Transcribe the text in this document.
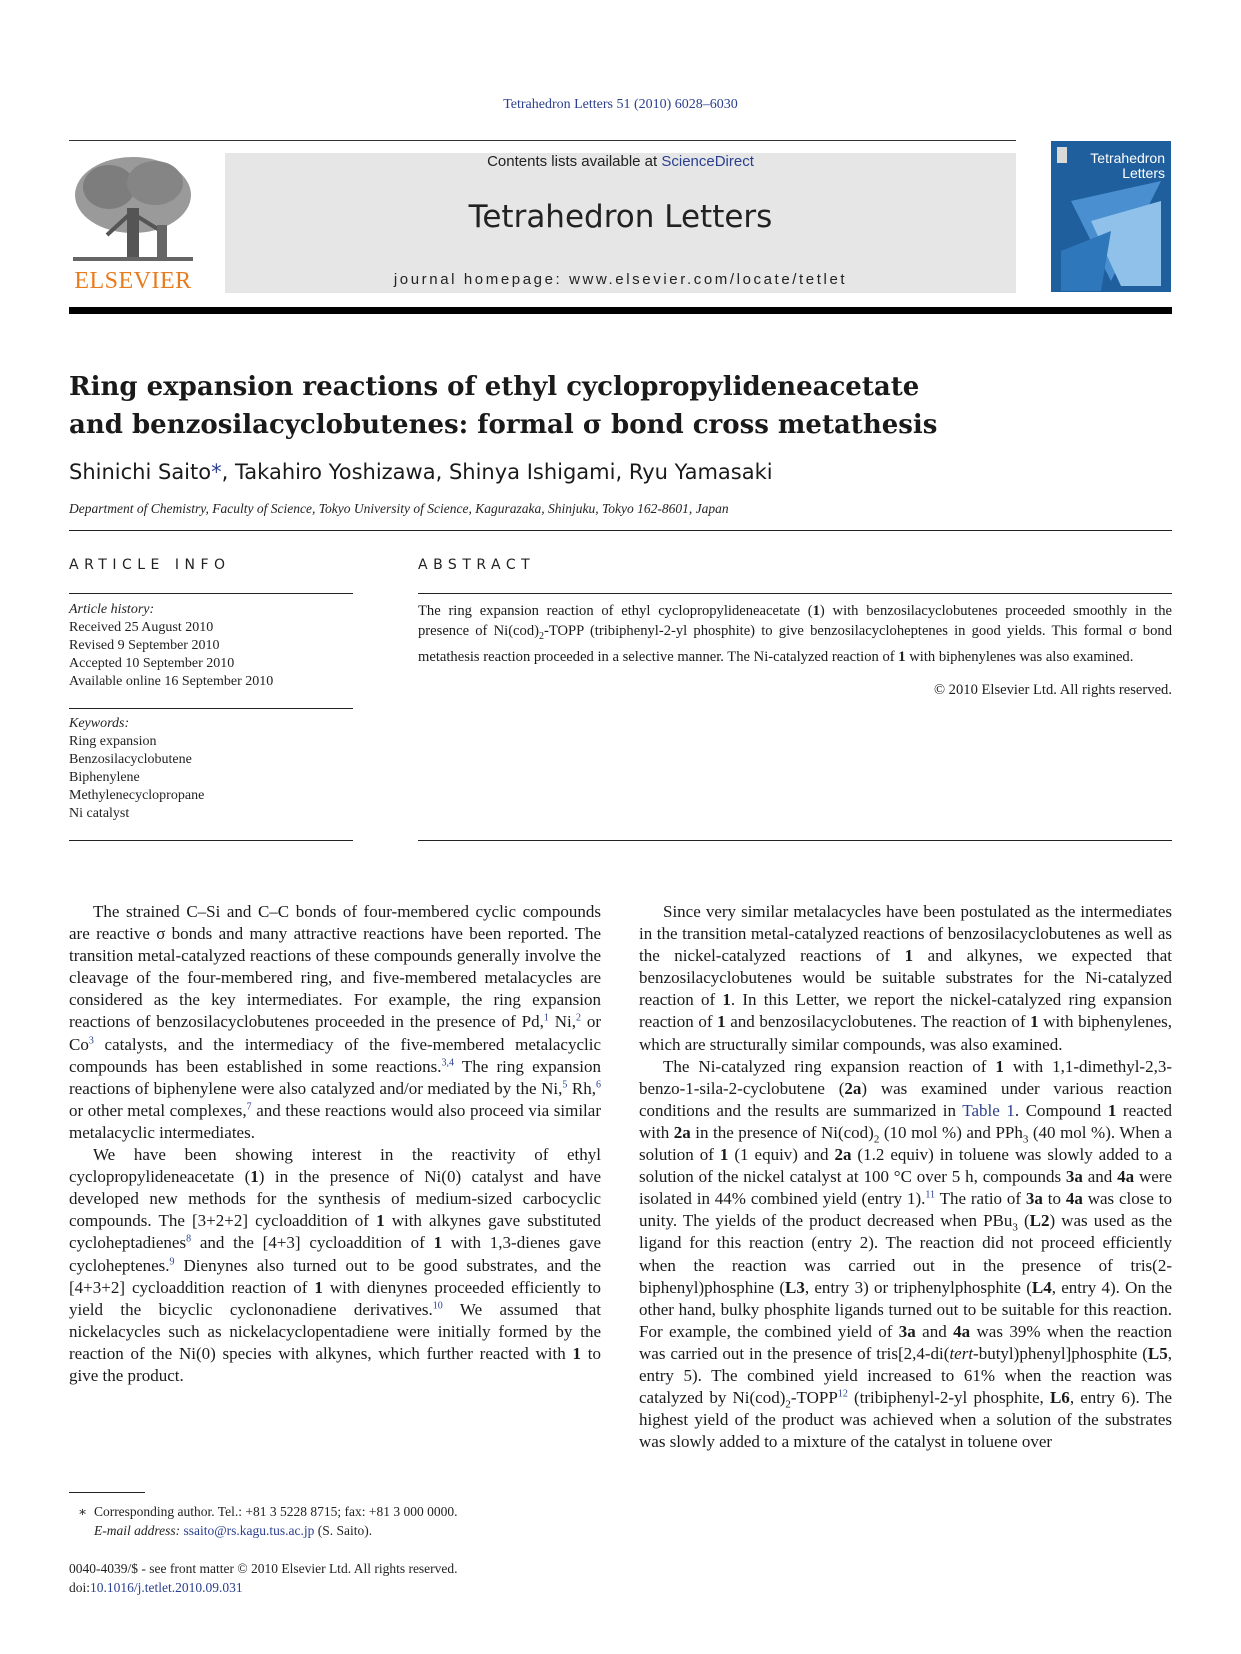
Tetrahedron Letters 51 (2010) 6028–6030
ELSEVIER
Contents lists available at ScienceDirect
Tetrahedron Letters
journal homepage: www.elsevier.com/locate/tetlet
Tetrahedron Letters
Ring expansion reactions of ethyl cyclopropylideneacetate
and benzosilacyclobutenes: formal σ bond cross metathesis
Shinichi Saito*, Takahiro Yoshizawa, Shinya Ishigami, Ryu Yamasaki
Department of Chemistry, Faculty of Science, Tokyo University of Science, Kagurazaka, Shinjuku, Tokyo 162-8601, Japan
ARTICLE INFO
Article history:
Received 25 August 2010
Revised 9 September 2010
Accepted 10 September 2010
Available online 16 September 2010
Keywords:
Ring expansion
Benzosilacyclobutene
Biphenylene
Methylenecyclopropane
Ni catalyst
ABSTRACT
The ring expansion reaction of ethyl cyclopropylideneacetate (1) with benzosilacyclobutenes proceeded smoothly in the presence of $Ni(cod)_2$-TOPP (tribiphenyl-2-yl phosphite) to give benzosilacycloheptenes in good yields. This formal σ bond metathesis reaction proceeded in a selective manner. The Ni-catalyzed reaction of 1 with biphenylenes was also examined.
© 2010 Elsevier Ltd. All rights reserved.

The strained C–Si and C–C bonds of four-membered cyclic compounds are reactive σ bonds and many attractive reactions have been reported. The transition metal-catalyzed reactions of these compounds generally involve the cleavage of the four-membered ring, and five-membered metalacycles are considered as the key intermediates. For example, the ring expansion reactions of benzosilacyclobutenes proceeded in the presence of Pd,$^1$ Ni,$^2$ or Co$^3$ catalysts, and the intermediacy of the five-membered metalacyclic compounds has been established in some reactions.$^{3,4}$ The ring expansion reactions of biphenylene were also catalyzed and/or mediated by the Ni,$^5$ Rh,$^6$ or other metal complexes,$^7$ and these reactions would also proceed via similar metalacyclic intermediates.

We have been showing interest in the reactivity of ethyl cyclopropylideneacetate (1) in the presence of Ni(0) catalyst and have developed new methods for the synthesis of medium-sized carbocyclic compounds. The [3+2+2] cycloaddition of 1 with alkynes gave substituted cycloheptadienes$^8$ and the [4+3] cycloaddition of 1 with 1,3-dienes gave cycloheptenes.$^9$ Dienynes also turned out to be good substrates, and the [4+3+2] cycloaddition reaction of 1 with dienynes proceeded efficiently to yield the bicyclic cyclononadiene derivatives.$^{10}$ We assumed that nickelacycles such as nickelacyclopentadiene were initially formed by the reaction of the Ni(0) species with alkynes, which further reacted with 1 to give the product.

Since very similar metalacycles have been postulated as the intermediates in the transition metal-catalyzed reactions of benzosilacyclobutenes as well as the nickel-catalyzed reactions of 1 and alkynes, we expected that benzosilacyclobutenes would be suitable substrates for the Ni-catalyzed reaction of 1. In this Letter, we report the nickel-catalyzed ring expansion reaction of 1 and benzosilacyclobutenes. The reaction of 1 with biphenylenes, which are structurally similar compounds, was also examined.

The Ni-catalyzed ring expansion reaction of 1 with 1,1-dimethyl-2,3-benzo-1-sila-2-cyclobutene (2a) was examined under various reaction conditions and the results are summarized in Table 1. Compound 1 reacted with 2a in the presence of $Ni(cod)_2$ (10 mol %) and PPh$_3$ (40 mol %). When a solution of 1 (1 equiv) and 2a (1.2 equiv) in toluene was slowly added to a solution of the nickel catalyst at 100 °C over 5 h, compounds 3a and 4a were isolated in 44% combined yield (entry 1).$^{11}$ The ratio of 3a to 4a was close to unity. The yields of the product decreased when PBu$_3$ (L2) was used as the ligand for this reaction (entry 2). The reaction did not proceed efficiently when the reaction was carried out in the presence of tris(2-biphenyl)phosphine (L3, entry 3) or triphenylphosphite (L4, entry 4). On the other hand, bulky phosphite ligands turned out to be suitable for this reaction. For example, the combined yield of 3a and 4a was 39% when the reaction was carried out in the presence of tris[2,4-di(tert-butyl)phenyl]phosphite (L5, entry 5). The combined yield increased to 61% when the reaction was catalyzed by $Ni(cod)_2-TOPP^{12}$ (tribiphenyl-2-yl phosphite, L6, entry 6). The highest yield of the product was achieved when a solution of the substrates was slowly added to a mixture of the catalyst in toluene over

∗  Corresponding author. Tel.: +81 3 5228 8715; fax: +81 3 000 0000.
E-mail address: ssaito@rs.kagu.tus.ac.jp (S. Saito).
0040-4039/$ - see front matter © 2010 Elsevier Ltd. All rights reserved.
doi:10.1016/j.tetlet.2010.09.031
